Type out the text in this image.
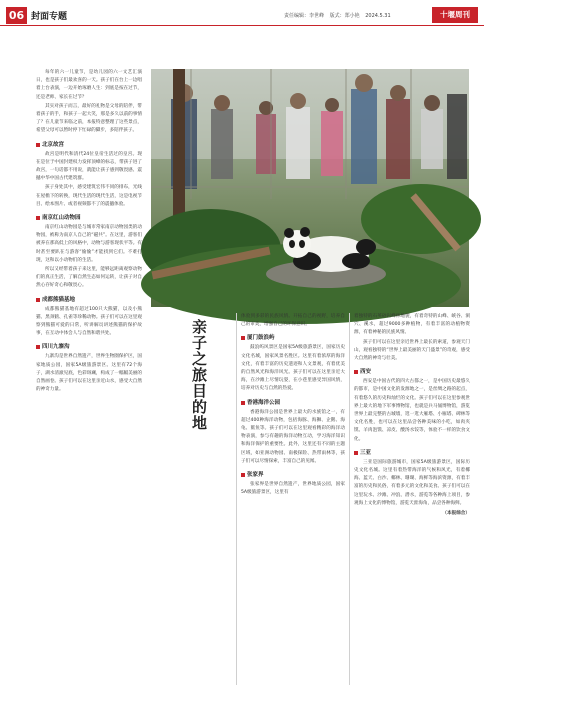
06 封面专题	责任编辑：李世峰 版式：郑小艳 2024.5.31	十堰周刊
南京红山动物园

每年的六一儿童节，是幼儿园的六一文艺汇演日，也是孩子们最欢喜的一天。孩子们在台上一边唱着上台表演，一边开始琢磨人生：到底是按在过节，还是老师、家长在过节？

其实对孩子而言，最好的礼物是父母的陪伴，带着孩子的手，和孩子一起大笑，那是多久以前的事情了？在儿童节来临之前，本报特意整理了这些景点，希望父母可以暂时停下忙碌的脚步，多陪伴孩子。

北京故宫

故宫是明代和清代24位皇帝生活过的皇宫。现在是位于中国封建权力发挥顶峰的标志，带孩子进了故宫，一句话都不用说，就能让孩子感到敬畏感、震撼中华中国古代建筑群。

孩子身处其中，感受建筑宏伟不同的排布，光线在屋檐下的转换，现代生活的现代生活，这是电视节目、绘本图片、或者视频都不了的震撼体验。

南京红山动物园

南京红山动物园是与城市常家南京动物园类的动物园，被称为南京人自己的“磁共”。在这里，游客们被养在那高低上的风格中，动物与游客现状平等。有时甚至要趴在与游客“偷偷”才能找到它们。不难打现，这和以小动物们的生活。

所以又经带着孩子来这里，能够远距离观察动物们的真正生活，了解自然生态如何运转，让孩子对自然心存好奇心和敬畏心。

成都熊猫基地

成都熊猫基地有超过100只大熊猫，以及小熊猫、黑颈鹤、孔雀等珍稀动物。孩子们可以在这里观察到熊猫可爱的日常，听讲解员讲述熊猫的保护故事，在互动中体会人与自然和谐共处。

四川九寨沟

九寨沟是世界自然遗产，世界生物圈保护区，国家地质公园，国家5A级旅游景区。这里有72个海子，湖水清澈见底，色彩斑斓，构成了一幅幅美丽的自然画卷。孩子们可以在这里亲近山水，感受大自然的神奇力量。	亲子之旅目的地

体验到多彩的民族风情。开拓自己的视野，培养自己的审美，增强自己的环保意识。

厦门鼓浪屿

鼓浪屿风景区是国家5A级旅游景区，国家历史文化名城，国家风景名胜区。这里有着浓厚的海洋文化，有着丰富的历史遗迹和人文景观，有着优美的自然风光和海洋风光。孩子们可以在这里亲近大海，在沙滩上尽情玩耍，在小巷里感受异国风情，培养对历史与自然的热爱。

香港海洋公园

香港海洋公园是世界上最大的水族馆之一，有超过400种海洋动物，包括海豚、海狮、企鹅、海龟、鲨鱼等。孩子们可以在这里观看精彩的海洋动物表演，参与有趣的海洋动物互动，学习海洋知识和海洋保护的重要性。此外，这里还有不同的主题区域，如亚洲动物园、南极探险、热带雨林等，孩子们可以尽情探索，丰富自己的见闻。

张家界

张家界是世界自然遗产，世界地质公园，国家5A级旅游景区，这里有

着独特的石英砂岩峰林地貌，有着奇特的山峰、峡谷、洞穴、溪水，超过9000多种植物，有着丰富的动植物资源，有着神秘的民族风情。

孩子们可以在这里亲近世界上最长的索道，参观天门山，观看独特的“世界上最美丽的天门盛景”的奇观，感受大自然的神奇与壮美。

西安

西安是中国古代的四大古都之一，是中国历史最悠久的都市，是中国文化的发源地之一，是丝绸之路的起点，有着悠久的历史和灿烂的文化。孩子们可以在这里参观世界上最大的地下军事博物馆，也就是兵马俑博物馆，游览世界上最完整的古城墙，逛一逛大雁塔、小雁塔、碑林等文化名胜，也可以在这里品尝各种美味的小吃，如肉夹馍、羊肉泡馍、凉皮、酸汤水饺等，体验不一样的饮食文化。

三亚

三亚是国际旅游城市，国家5A级旅游景区，国际历史文化名城。这里有着热带海洋的气候和风光，有着椰海、蓝天、白沙、椰林、珊瑚、海鲜等海滨资源，有着丰富的历史和民俗，有着多元的文化和美食。孩子们可以在这里玩水、沙滩、冲浪、潜水，游览等各种海上项目，参观海上文化的博物馆，游览天涯海角，品尝各种海鲜。

（本报综合）
